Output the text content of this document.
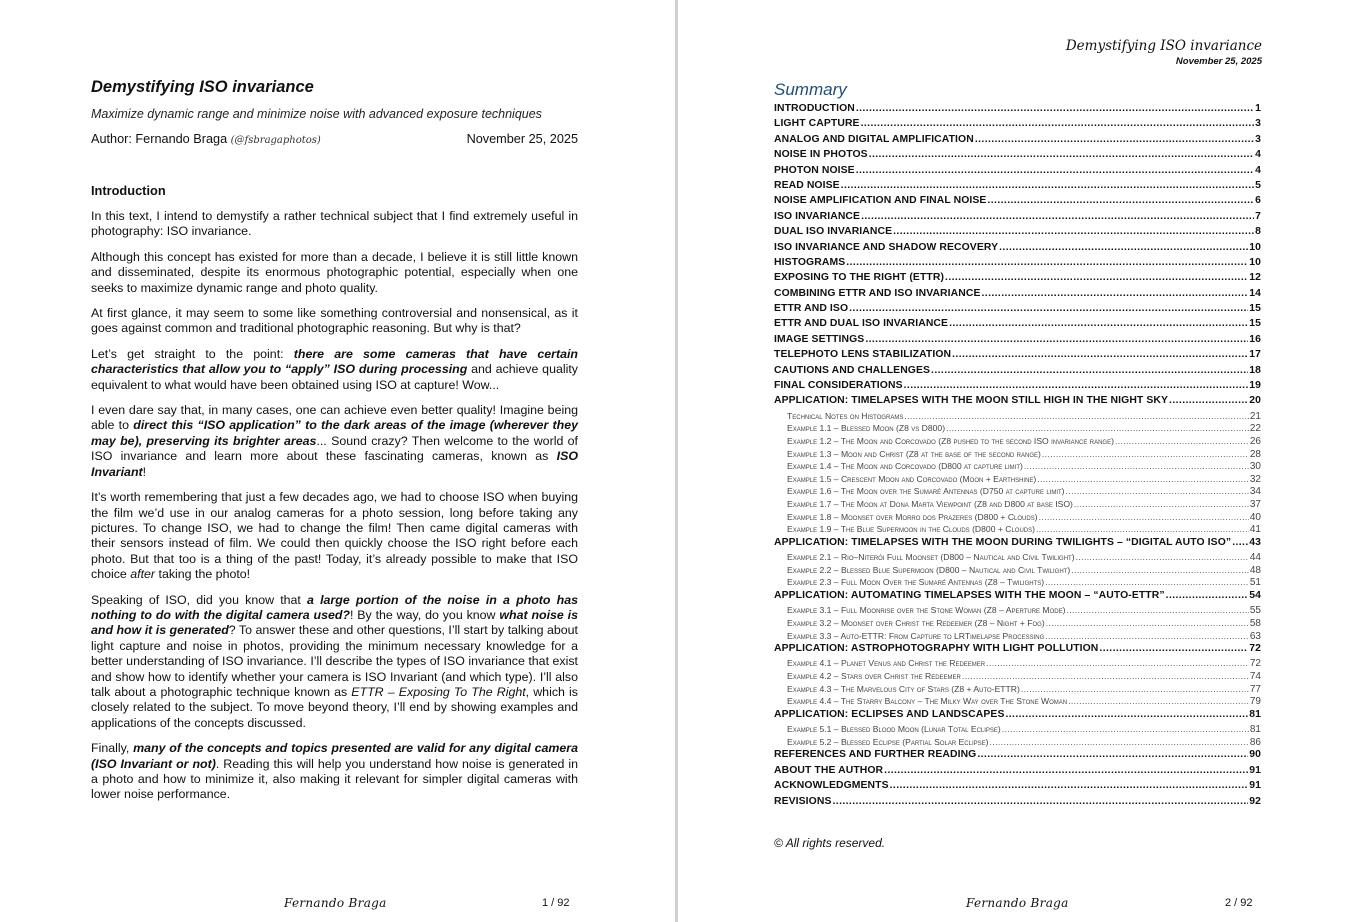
Demystifying ISO invariance
Maximize dynamic range and minimize noise with advanced exposure techniques
Author: Fernando Braga (@fsbragaphotos)	November 25, 2025
Introduction

In this text, I intend to demystify a rather technical subject that I find extremely useful in photography: ISO invariance.

Although this concept has existed for more than a decade, I believe it is still little known and disseminated, despite its enormous photographic potential, especially when one seeks to maximize dynamic range and photo quality.

At first glance, it may seem to some like something controversial and nonsensical, as it goes against common and traditional photographic reasoning. But why is that?

Let’s get straight to the point: there are some cameras that have certain characteristics that allow you to “apply” ISO during processing and achieve quality equivalent to what would have been obtained using ISO at capture! Wow...

I even dare say that, in many cases, one can achieve even better quality! Imagine being able to direct this “ISO application” to the dark areas of the image (wherever they may be), preserving its brighter areas... Sound crazy? Then welcome to the world of ISO invariance and learn more about these fascinating cameras, known as ISO Invariant!

It’s worth remembering that just a few decades ago, we had to choose ISO when buying the film we’d use in our analog cameras for a photo session, long before taking any pictures. To change ISO, we had to change the film! Then came digital cameras with their sensors instead of film. We could then quickly choose the ISO right before each photo. But that too is a thing of the past! Today, it’s already possible to make that ISO choice after taking the photo!

Speaking of ISO, did you know that a large portion of the noise in a photo has nothing to do with the digital camera used?! By the way, do you know what noise is and how it is generated? To answer these and other questions, I’ll start by talking about light capture and noise in photos, providing the minimum necessary knowledge for a better understanding of ISO invariance. I’ll describe the types of ISO invariance that exist and show how to identify whether your camera is ISO Invariant (and which type). I’ll also talk about a photographic technique known as ETTR – Exposing To The Right, which is closely related to the subject. To move beyond theory, I’ll end by showing examples and applications of the concepts discussed.

Finally, many of the concepts and topics presented are valid for any digital camera (ISO Invariant or not). Reading this will help you understand how noise is generated in a photo and how to minimize it, also making it relevant for simpler digital cameras with lower noise performance.

Fernando Braga	1 / 92
Demystifying ISO invariance
November 25, 2025
Summary
INTRODUCTION .....	1
LIGHT CAPTURE .....	3
ANALOG AND DIGITAL AMPLIFICATION .....	3
NOISE IN PHOTOS .....	4
PHOTON NOISE .....	4
READ NOISE .....	5
NOISE AMPLIFICATION AND FINAL NOISE .....	6
ISO INVARIANCE .....	7
DUAL ISO INVARIANCE .....	8
ISO INVARIANCE AND SHADOW RECOVERY .....	10
HISTOGRAMS .....	10
EXPOSING TO THE RIGHT (ETTR) .....	12
COMBINING ETTR AND ISO INVARIANCE .....	14
ETTR AND ISO .....	15
ETTR AND DUAL ISO INVARIANCE .....	15
IMAGE SETTINGS .....	16
TELEPHOTO LENS STABILIZATION .....	17
CAUTIONS AND CHALLENGES .....	18
FINAL CONSIDERATIONS .....	19
APPLICATION: TIMELAPSES WITH THE MOON STILL HIGH IN THE NIGHT SKY .....	20
Technical Notes on Histograms .....	21
Example 1.1 – Blessed Moon (Z8 vs D800) .....	22
Example 1.2 – The Moon and Corcovado (Z8 pushed to the second ISO invariance range) .....	26
Example 1.3 – Moon and Christ (Z8 at the base of the second range) .....	28
Example 1.4 – The Moon and Corcovado (D800 at capture limit) .....	30
Example 1.5 – Crescent Moon and Corcovado (Moon + Earthshine) .....	32
Example 1.6 – The Moon over the Sumaré Antennas (D750 at capture limit) .....	34
Example 1.7 – The Moon at Dona Marta Viewpoint (Z8 and D800 at base ISO) .....	37
Example 1.8 – Moonset over Morro dos Prazeres (D800 + Clouds) .....	40
Example 1.9 – The Blue Supermoon in the Clouds (D800 + Clouds) .....	41
APPLICATION: TIMELAPSES WITH THE MOON DURING TWILIGHTS – “DIGITAL AUTO ISO” ..... 43
Example 2.1 – Rio–Niterói Full Moonset (D800 – Nautical and Civil Twilight) .....	44
Example 2.2 – Blessed Blue Supermoon (D800 – Nautical and Civil Twilight) .....	48
Example 2.3 – Full Moon Over the Sumaré Antennas (Z8 – Twilights) .....	51
APPLICATION: AUTOMATING TIMELAPSES WITH THE MOON – “AUTO-ETTR” .....	54
Example 3.1 – Full Moonrise over the Stone Woman (Z8 – Aperture Mode) .....	55
Example 3.2 – Moonset over Christ the Redeemer (Z8 – Night + Fog) .....	58
Example 3.3 – Auto-ETTR: From Capture to LRTimelapse Processing .....	63
APPLICATION: ASTROPHOTOGRAPHY WITH LIGHT POLLUTION .....	72
Example 4.1 – Planet Venus and Christ the Redeemer .....	72
Example 4.2 – Stars over Christ the Redeemer .....	74
Example 4.3 – The Marvelous City of Stars (Z8 + Auto-ETTR) .....	77
Example 4.4 – The Starry Balcony – The Milky Way over The Stone Woman .....	79
APPLICATION: ECLIPSES AND LANDSCAPES .....	81
Example 5.1 – Blessed Blood Moon (Lunar Total Eclipse) .....	81
Example 5.2 – Blessed Eclipse (Partial Solar Eclipse) .....	86
REFERENCES AND FURTHER READING .....	90
ABOUT THE AUTHOR .....	91
ACKNOWLEDGMENTS .....	91
REVISIONS .....	92
© All rights reserved.
Fernando Braga	2 / 92
